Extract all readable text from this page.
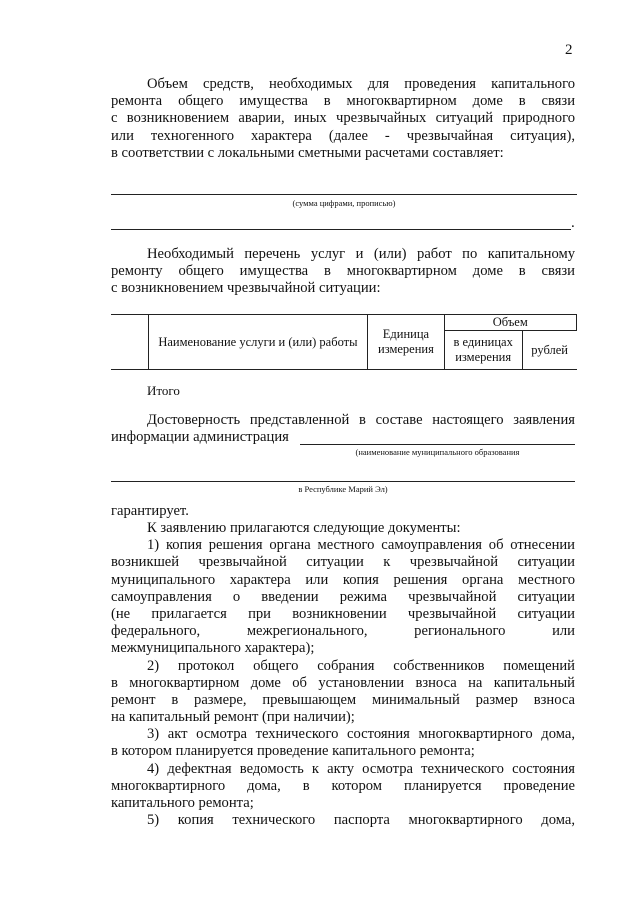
2
Объем средств, необходимых для проведения капитального
ремонта общего имущества в многоквартирном доме в связи
с возникновением аварии, иных чрезвычайных ситуаций природного
или техногенного характера (далее - чрезвычайная ситуация),
в соответствии с локальными сметными расчетами составляет:
(сумма цифрами, прописью)
.
Необходимый перечень услуг и (или) работ по капитальному
ремонту общего имущества в многоквартирном доме в связи
с возникновением чрезвычайной ситуации:
	Наименование услуги и (или) работы	Единица измерения	Объем	
			в единицах измерения	рублей

Итого
Достоверность представленной в составе настоящего заявления
информации администрация
(наименование муниципального образования
в Республике Марий Эл)
гарантирует.
К заявлению прилагаются следующие документы:
1) копия решения органа местного самоуправления об отнесении
возникшей чрезвычайной ситуации к чрезвычайной ситуации
муниципального характера или копия решения органа местного
самоуправления о введении режима чрезвычайной ситуации
(не прилагается при возникновении чрезвычайной ситуации
федерального, межрегионального, регионального или
межмуниципального характера);
2) протокол общего собрания собственников помещений
в многоквартирном доме об установлении взноса на капитальный
ремонт в размере, превышающем минимальный размер взноса
на капитальный ремонт (при наличии);
3) акт осмотра технического состояния многоквартирного дома,
в котором планируется проведение капитального ремонта;
4) дефектная ведомость к акту осмотра технического состояния
многоквартирного дома, в котором планируется проведение
капитального ремонта;
5) копия технического паспорта многоквартирного дома,
